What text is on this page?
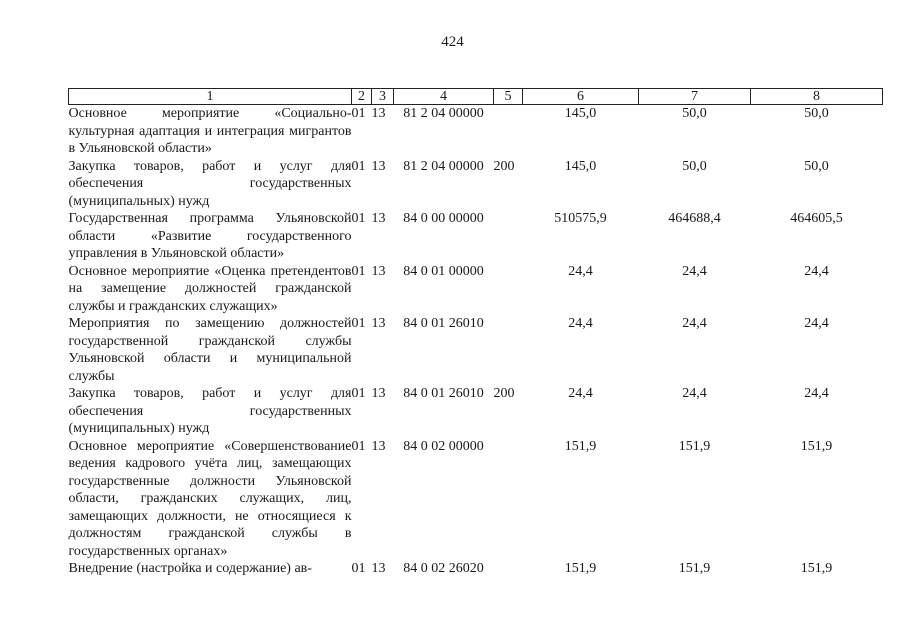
424
1	2	3	4	5	6	7	8
Основное мероприятие «Социально-культурная адаптация и интеграция мигрантов в Ульяновской области»	01	13	81 2 04 00000		145,0	50,0	50,0
Закупка товаров, работ и услуг для обеспечения государственных (муниципальных) нужд	01	13	81 2 04 00000	200	145,0	50,0	50,0
Государственная программа Ульяновской области «Развитие государственного управления в Ульяновской области»	01	13	84 0 00 00000		510575,9	464688,4	464605,5
Основное мероприятие «Оценка претендентов на замещение должностей гражданской службы и гражданских служащих»	01	13	84 0 01 00000		24,4	24,4	24,4
Мероприятия по замещению должностей государственной гражданской службы Ульяновской области и муниципальной службы	01	13	84 0 01 26010		24,4	24,4	24,4
Закупка товаров, работ и услуг для обеспечения государственных (муниципальных) нужд	01	13	84 0 01 26010	200	24,4	24,4	24,4
Основное мероприятие «Совершенствование ведения кадрового учёта лиц, замещающих государственные должности Ульяновской области, гражданских служащих, лиц, замещающих должности, не относящиеся к должностям гражданской службы в государственных органах»	01	13	84 0 02 00000		151,9	151,9	151,9
Внедрение (настройка и содержание) ав-	01	13	84 0 02 26020		151,9	151,9	151,9
